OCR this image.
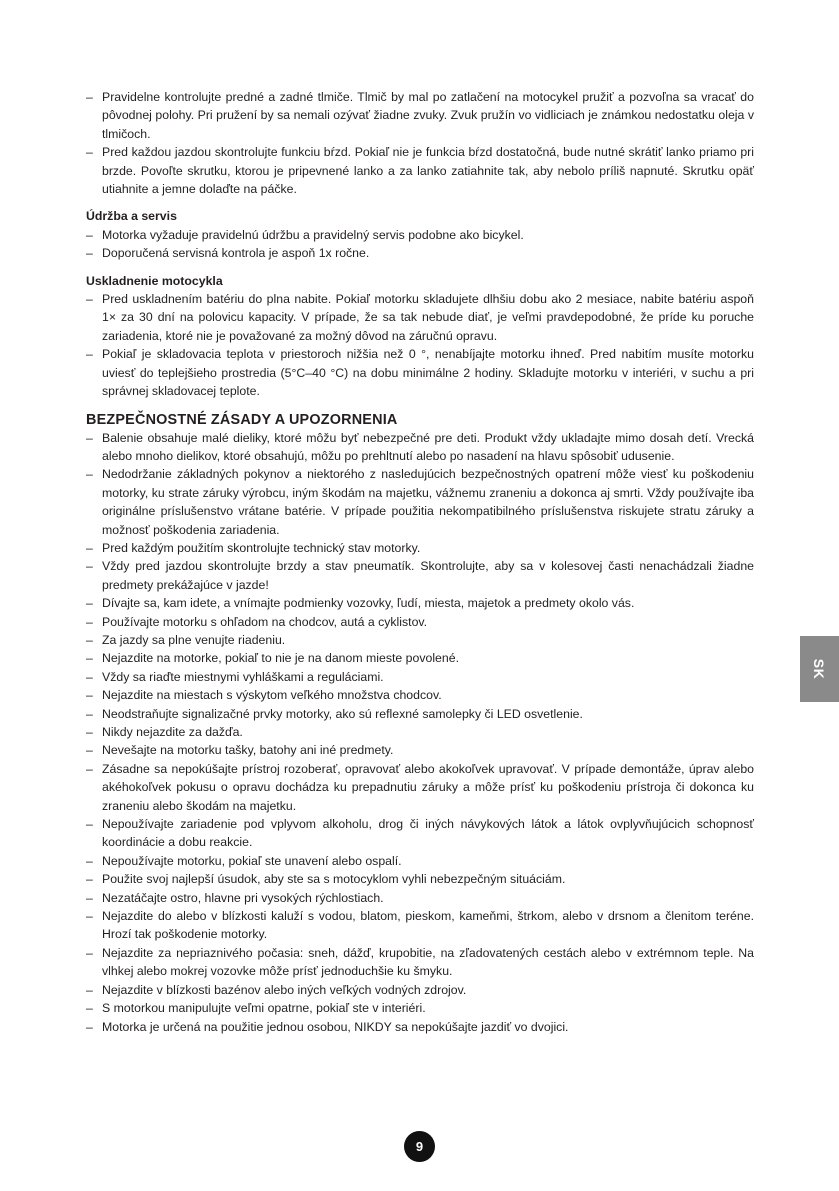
– Pravidelne kontrolujte predné a zadné tlmiče. Tlmič by mal po zatlačení na motocykel pružiť a pozvoľna sa vracať do pôvodnej polohy. Pri pružení by sa nemali ozývať žiadne zvuky. Zvuk pružín vo vidliciach je známkou nedostatku oleja v tlmičoch.
– Pred každou jazdou skontrolujte funkciu bŕzd. Pokiaľ nie je funkcia bŕzd dostatočná, bude nutné skrátiť lanko priamo pri brzde. Povoľte skrutku, ktorou je pripevnené lanko a za lanko zatiahnite tak, aby nebolo príliš napnuté. Skrutku opäť utiahnite a jemne dolaďte na páčke.
Údržba a servis
– Motorka vyžaduje pravidelnú údržbu a pravidelný servis podobne ako bicykel.
– Doporučená servisná kontrola je aspoň 1x ročne.
Uskladnenie motocykla
– Pred uskladnením batériu do plna nabite. Pokiaľ motorku skladujete dlhšiu dobu ako 2 mesiace, nabite batériu aspoň 1× za 30 dní na polovicu kapacity. V prípade, že sa tak nebude diať, je veľmi pravdepodobné, že príde ku poruche zariadenia, ktoré nie je považované za možný dôvod na záručnú opravu.
– Pokiaľ je skladovacia teplota v priestoroch nižšia než 0 °, nenabíjajte motorku ihneď. Pred nabitím musíte motorku uviesť do teplejšieho prostredia (5°C–40 °C) na dobu minimálne 2 hodiny. Skladujte motorku v interiéri, v suchu a pri správnej skladovacej teplote.
BEZPEČNOSTNÉ ZÁSADY A UPOZORNENIA
– Balenie obsahuje malé dieliky, ktoré môžu byť nebezpečné pre deti. Produkt vždy ukladajte mimo dosah detí. Vrecká alebo mnoho dielikov, ktoré obsahujú, môžu po prehltnutí alebo po nasadení na hlavu spôsobiť udusenie.
– Nedodržanie základných pokynov a niektorého z nasledujúcich bezpečnostných opatrení môže viesť ku poškodeniu motorky, ku strate záruky výrobcu, iným škodám na majetku, vážnemu zraneniu a dokonca aj smrti. Vždy používajte iba originálne príslušenstvo vrátane batérie. V prípade použitia nekompatibilného príslušenstva riskujete stratu záruky a možnosť poškodenia zariadenia.
– Pred každým použitím skontrolujte technický stav motorky.
– Vždy pred jazdou skontrolujte brzdy a stav pneumatík. Skontrolujte, aby sa v kolesovej časti nenachádzali žiadne predmety prekážajúce v jazde!
– Dívajte sa, kam idete, a vnímajte podmienky vozovky, ľudí, miesta, majetok a predmety okolo vás.
– Používajte motorku s ohľadom na chodcov, autá a cyklistov.
– Za jazdy sa plne venujte riadeniu.
– Nejazdite na motorke, pokiaľ to nie je na danom mieste povolené.
– Vždy sa riaďte miestnymi vyhláškami a reguláciami.
– Nejazdite na miestach s výskytom veľkého množstva chodcov.
– Neodstraňujte signalizačné prvky motorky, ako sú reflexné samolepky či LED osvetlenie.
– Nikdy nejazdite za dažďa.
– Nevešajte na motorku tašky, batohy ani iné predmety.
– Zásadne sa nepokúšajte prístroj rozoberať, opravovať alebo akokoľvek upravovať. V prípade demontáže, úprav alebo akéhokoľvek pokusu o opravu dochádza ku prepadnutiu záruky a môže prísť ku poškodeniu prístroja či dokonca ku zraneniu alebo škodám na majetku.
– Nepoužívajte zariadenie pod vplyvom alkoholu, drog či iných návykových látok a látok ovplyvňujúcich schopnosť koordinácie a dobu reakcie.
– Nepoužívajte motorku, pokiaľ ste unavení alebo ospalí.
– Použite svoj najlepší úsudok, aby ste sa s motocyklom vyhli nebezpečným situáciám.
– Nezatáčajte ostro, hlavne pri vysokých rýchlostiach.
– Nejazdite do alebo v blízkosti kaluží s vodou, blatom, pieskom, kameňmi, štrkom, alebo v drsnom a členitom teréne. Hrozí tak poškodenie motorky.
– Nejazdite za nepriaznivého počasia: sneh, dážď, krupobitie, na zľadovatených cestách alebo v extrémnom teple. Na vlhkej alebo mokrej vozovke môže prísť jednoduchšie ku šmyku.
– Nejazdite v blízkosti bazénov alebo iných veľkých vodných zdrojov.
– S motorkou manipulujte veľmi opatrne, pokiaľ ste v interiéri.
– Motorka je určená na použitie jednou osobou, NIKDY sa nepokúšajte jazdiť vo dvojici.
SK
9
